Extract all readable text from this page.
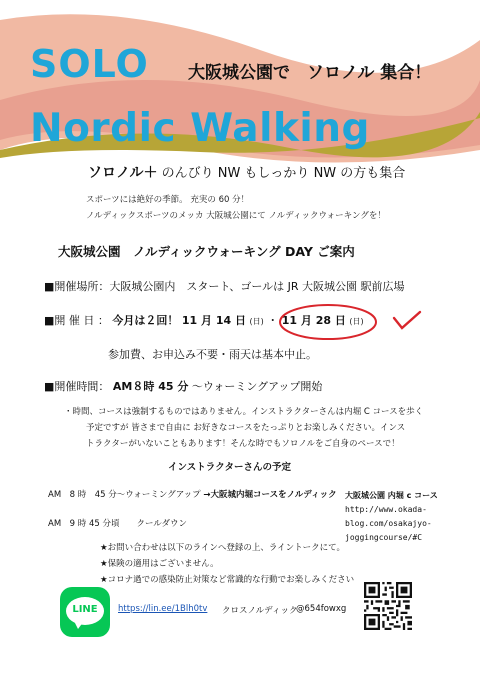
SOLO 大阪城公園で　ソロノル 集合！
Nordic Walking
ソロノル＋ のんびり NW もしっかり NW の方も集合
スポーツには絶好の季節。 充実の 60 分！
ノルディックスポーツのメッカ 大阪城公園にて ノルディックウォーキングを！
大阪城公園　ノルディックウォーキング DAY ご案内
■開催場所：大阪城公園内　スタート、ゴールは JR 大阪城公園 駅前広場
■開 催 日 ： 今月は２回！ 11 月 14 日 (日) ・ 11 月 28 日 (日)
参加費、お申込み不要・雨天は基本中止。
■開催時間： AM８時 45 分 ～ウォーミングアップ開始
・時間、コースは強制するものではありません。インストラクターさんは内堀 C コースを歩く
予定ですが 皆さまで自由に お好きなコースをたっぷりとお楽しみください。インス
トラクターがいないこともあります！そんな時でもソロノルをご自身のペースで！
インストラクターさんの予定
AM　8 時　45 分～ウォーミングアップ →大阪城内堀コースをノルディック
AM　9 時 45 分頃　　クールダウン
大阪城公園 内堀 c コース
http://www.okada-
blog.com/osakajyo-
joggingcourse/#C
★お問い合わせは以下のラインへ登録の上、ライントークにて。
★保険の適用はございません。
★コロナ過での感染防止対策など常識的な行動でお楽しみください
LINE	https://lin.ee/1Blh0tv クロスノルディック
@654fowxg
